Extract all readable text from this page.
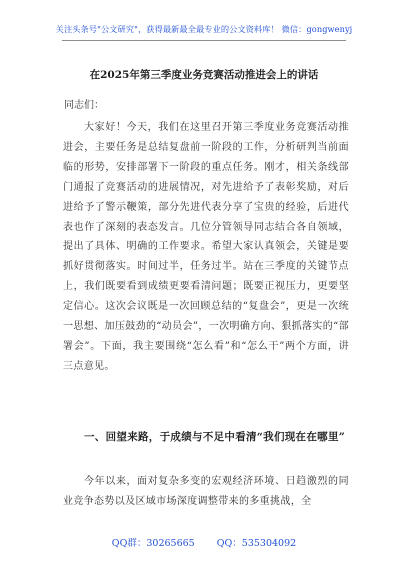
关注头条号"公文研究"，获得最新最全最专业的公文资料库！ 微信：gongwenyj
在2025年第三季度业务竞赛活动推进会上的讲话
同志们：

大家好！今天，我们在这里召开第三季度业务竞赛活动推进会，主要任务是总结复盘前一阶段的工作，分析研判当前面临的形势，安排部署下一阶段的重点任务。刚才，相关条线部门通报了竞赛活动的进展情况，对先进给予了表彰奖励，对后进给予了警示鞭策，部分先进代表分享了宝贵的经验，后进代表也作了深刻的表态发言。几位分管领导同志结合各自领域，提出了具体、明确的工作要求。希望大家认真领会，关键是要抓好贯彻落实。时间过半，任务过半。站在三季度的关键节点上，我们既要看到成绩更要看清问题；既要正视压力，更要坚定信心。这次会议既是一次回顾总结的“复盘会”，更是一次统一思想、加压鼓劲的“动员会”，一次明确方向、狠抓落实的“部署会”。下面，我主要围绕“怎么看”和“怎么干”两个方面，讲三点意见。

一、回望来路，于成绩与不足中看清“我们现在在哪里”

今年以来，面对复杂多变的宏观经济环境、日趋激烈的同业竞争态势以及区域市场深度调整带来的多重挑战，全

QQ群：30265665 QQ：535304092
